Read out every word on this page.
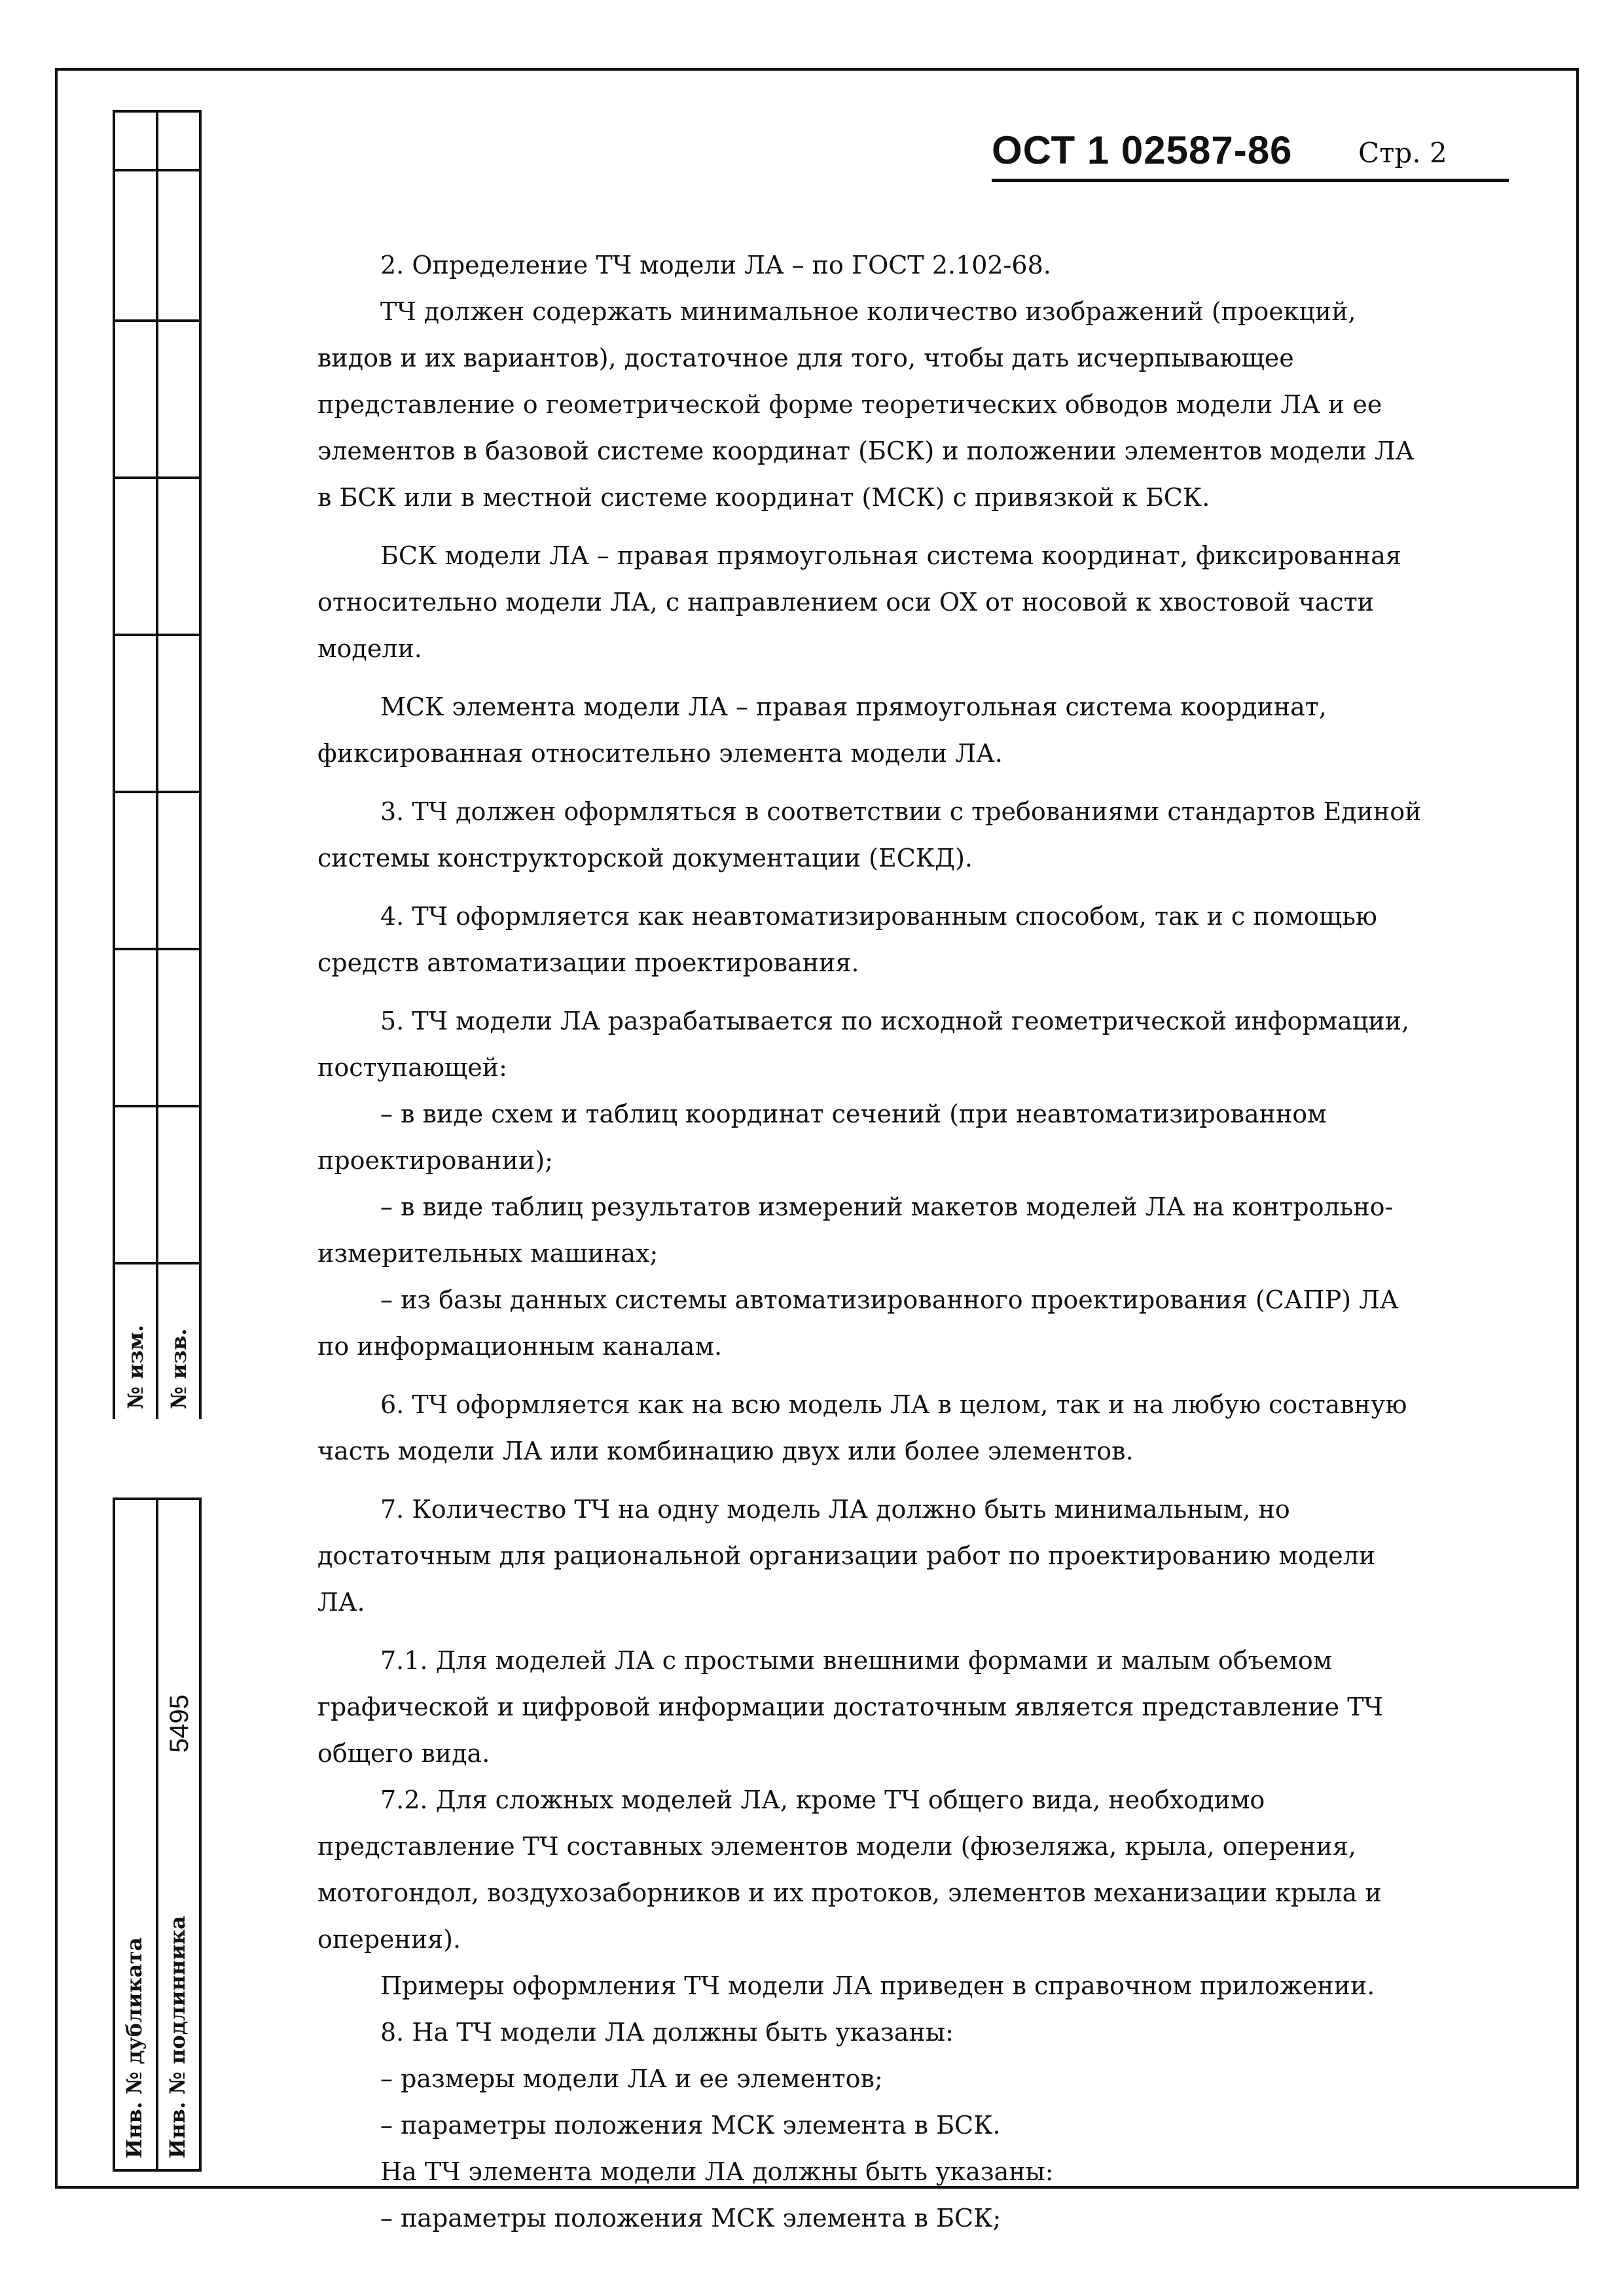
№ изм. № изв.
5495
Инв. № дубликата Инв. № подлинника
ОСТ 1 02587-86 Стр. 2

2. Определение ТЧ модели ЛА – по ГОСТ 2.102-68.

ТЧ должен содержать минимальное количество изображений (проекций, видов и их вариантов), достаточное для того, чтобы дать исчерпывающее представление о геометрической форме теоретических обводов модели ЛА и ее элементов в базовой системе координат (БСК) и положении элементов модели ЛА в БСК или в местной системе координат (МСК) с привязкой к БСК.

БСК модели ЛА – правая прямоугольная система координат, фиксированная относительно модели ЛА, с направлением оси ОХ от носовой к хвостовой части модели.

МСК элемента модели ЛА – правая прямоугольная система координат, фиксированная относительно элемента модели ЛА.

3. ТЧ должен оформляться в соответствии с требованиями стандартов Единой системы конструкторской документации (ЕСКД).

4. ТЧ оформляется как неавтоматизированным способом, так и с помощью средств автоматизации проектирования.

5. ТЧ модели ЛА разрабатывается по исходной геометрической информации, поступающей:

– в виде схем и таблиц координат сечений (при неавтоматизированном проектировании);

– в виде таблиц результатов измерений макетов моделей ЛА на контрольно-измерительных машинах;

– из базы данных системы автоматизированного проектирования (САПР) ЛА по информационным каналам.

6. ТЧ оформляется как на всю модель ЛА в целом, так и на любую составную часть модели ЛА или комбинацию двух или более элементов.

7. Количество ТЧ на одну модель ЛА должно быть минимальным, но достаточным для рациональной организации работ по проектированию модели ЛА.

7.1. Для моделей ЛА с простыми внешними формами и малым объемом графической и цифровой информации достаточным является представление ТЧ общего вида.

7.2. Для сложных моделей ЛА, кроме ТЧ общего вида, необходимо представление ТЧ составных элементов модели (фюзеляжа, крыла, оперения, мотогондол, воздухозаборников и их протоков, элементов механизации крыла и оперения).

Примеры оформления ТЧ модели ЛА приведен в справочном приложении.

8. На ТЧ модели ЛА должны быть указаны:

– размеры модели ЛА и ее элементов;

– параметры положения МСК элемента в БСК.

На ТЧ элемента модели ЛА должны быть указаны:

– параметры положения МСК элемента в БСК;
